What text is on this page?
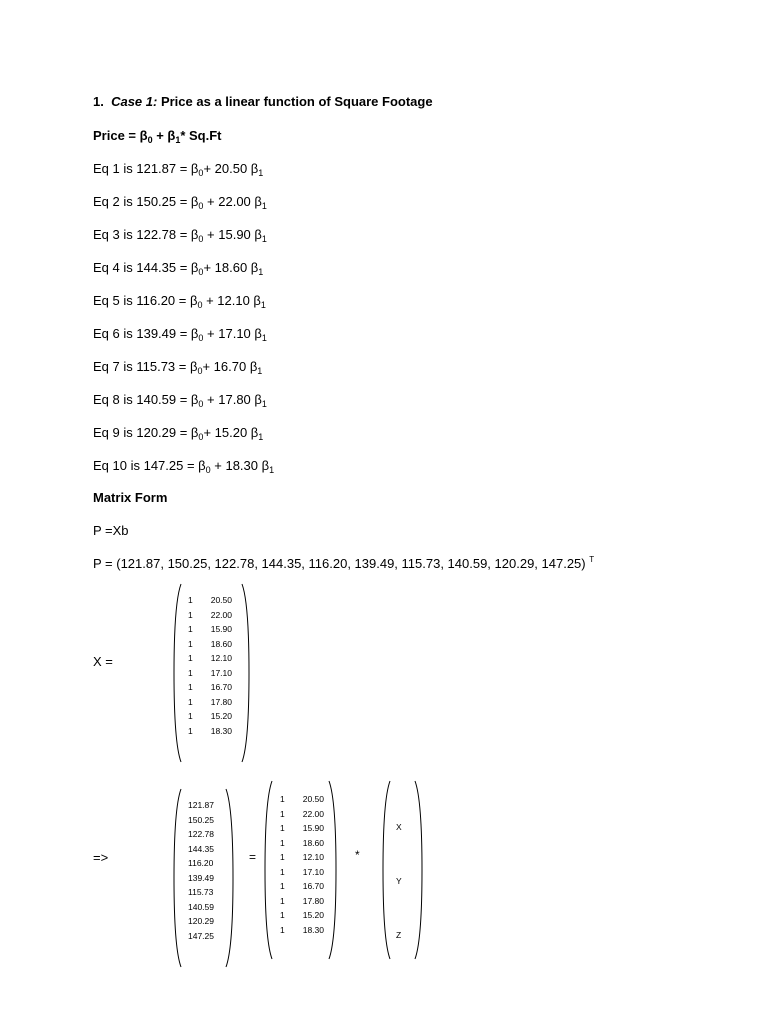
1. Case 1: Price as a linear function of Square Footage
Price = $\beta_0 + \beta_1*$ Sq.Ft
Eq 1 is $121.87 = \beta_0+ 20.50$ $\beta_1$
Eq 2 is $150.25 = \beta_0 + 22.00$ $\beta_1$
Eq 3 is $122.78 = \beta_0 + 15.90$ $\beta_1$
Eq 4 is $144.35 = \beta_0+ 18.60$ $\beta_1$
Eq 5 is $116.20 = \beta_0 + 12.10$ $\beta_1$
Eq 6 is $139.49 = \beta_0 + 17.10$ $\beta_1$
Eq 7 is $115.73 = \beta_0+ 16.70$ $\beta_1$
Eq 8 is $140.59 = \beta_0 + 17.80$ $\beta_1$
Eq 9 is $120.29 = \beta_0+ 15.20$ $\beta_1$
Eq 10 is $147.25 = \beta_0 + 18.30$ $\beta_1$
Matrix Form
P =Xb
P = (121.87, 150.25, 122.78, 144.35, 116.20, 139.49, 115.73, 140.59, 120.29, 147.25) $^T$
X =
1	20.50
1	22.00
1	15.90
1	18.60
1	12.10
1	17.10
1	16.70
1	17.80
1	15.20
1	18.30
=>
121.87
150.25
122.78
144.35
116.20
139.49
115.73
140.59
120.29
147.25
=
1	20.50
1	22.00
1	15.90
1	18.60
1	12.10
1	17.10
1	16.70
1	17.80
1	15.20
1	18.30
*
X
Y
Z
